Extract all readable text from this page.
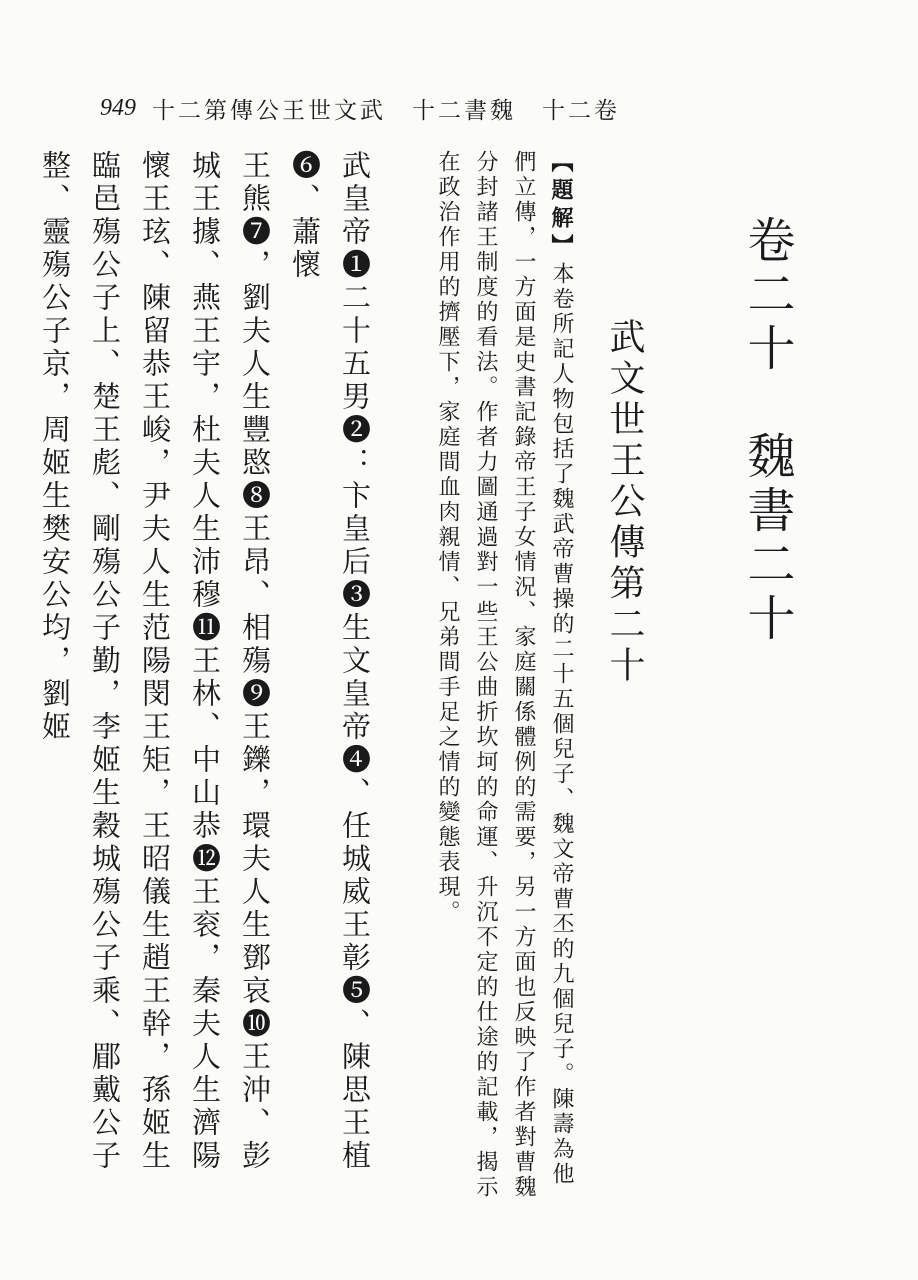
949 十二第傳公王世文武　十二書魏　十二卷
卷二十　魏書二十
武文世王公傳第二十
【題解】本卷所記人物包括了魏武帝曹操的二十五個兒子、魏文帝曹丕的九個兒子。陳壽為他們立傳，一方面是史書記錄帝王子女情況、家庭關係體例的需要，另一方面也反映了作者對曹魏分封諸王制度的看法。作者力圖通過對一些王公曲折坎坷的命運、升沉不定的仕途的記載，揭示在政治作用的擠壓下，家庭間血肉親情、兄弟間手足之情的變態表現。

武皇帝❶二十五男❷：卞皇后❸生文皇帝❹、任城威王彰❺、陳思王植❻、蕭懷

王熊❼，劉夫人生豐愍❽王昂、相殤❾王鑠，環夫人生鄧哀❿王沖、彭城王據、燕王宇，杜夫人生沛穆⓫王林、中山恭⓬王衮，秦夫人生濟陽懷王玹、陳留恭王峻，尹夫人生范陽閔王矩，王昭儀生趙王幹，孫姬生臨邑殤公子上、楚王彪、剛殤公子勤，李姬生穀城殤公子乘、郿戴公子整、靈殤公子京，周姬生樊安公均，劉姬
